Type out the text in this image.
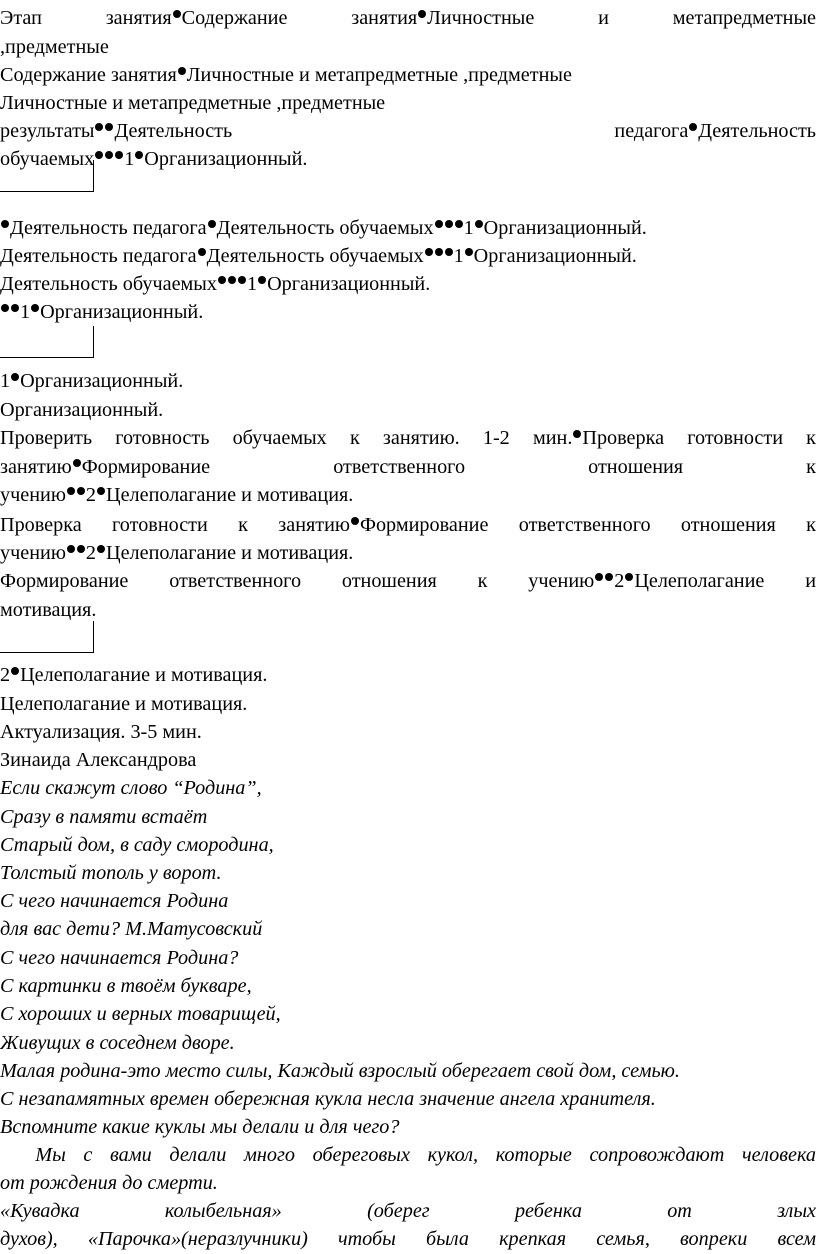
Этап занятия Содержание занятия Личностные и метапредметные
,предметные
Содержание занятия Личностные и метапредметные ,предметные
Личностные и метапредметные ,предметные
результаты Деятельность педагога Деятельность
обучаемых 1 Организационный.
Деятельность педагога Деятельность обучаемых 1 Организационный.
Деятельность педагога Деятельность обучаемых 1 Организационный.
Деятельность обучаемых 1 Организационный.
1 Организационный.
1 Организационный.
Организационный.
Проверить готовность обучаемых к занятию. 1-2 мин. Проверка готовности к
занятию Формирование ответственного отношения к
учению 2 Целеполагание и мотивация.
Проверка готовности к занятию Формирование ответственного отношения к
учению 2 Целеполагание и мотивация.
Формирование ответственного отношения к учению 2 Целеполагание и
мотивация.
2 Целеполагание и мотивация.
Целеполагание и мотивация.
Актуализация. 3-5 мин.
Зинаида Александрова
Если скажут слово “Родина”,
Сразу в памяти встаёт
Старый дом, в саду смородина,
Толстый тополь у ворот.
С чего начинается Родина
для вас дети? М.Матусовский
С чего начинается Родина?
С картинки в твоём букваре,
С хороших и верных товарищей,
Живущих в соседнем дворе.
Малая родина-это место силы, Каждый взрослый оберегает свой дом, семью.
С незапамятных времен обережная кукла несла значение ангела хранителя.
Вспомните какие куклы мы делали и для чего?
Мы с вами делали много обереговых кукол, которые сопровождают человека
от рождения до смерти.
«Кувадка колыбельная» (оберег ребенка от злых
духов), «Парочка»(неразлучники) чтобы была крепкая семья, вопреки всем
